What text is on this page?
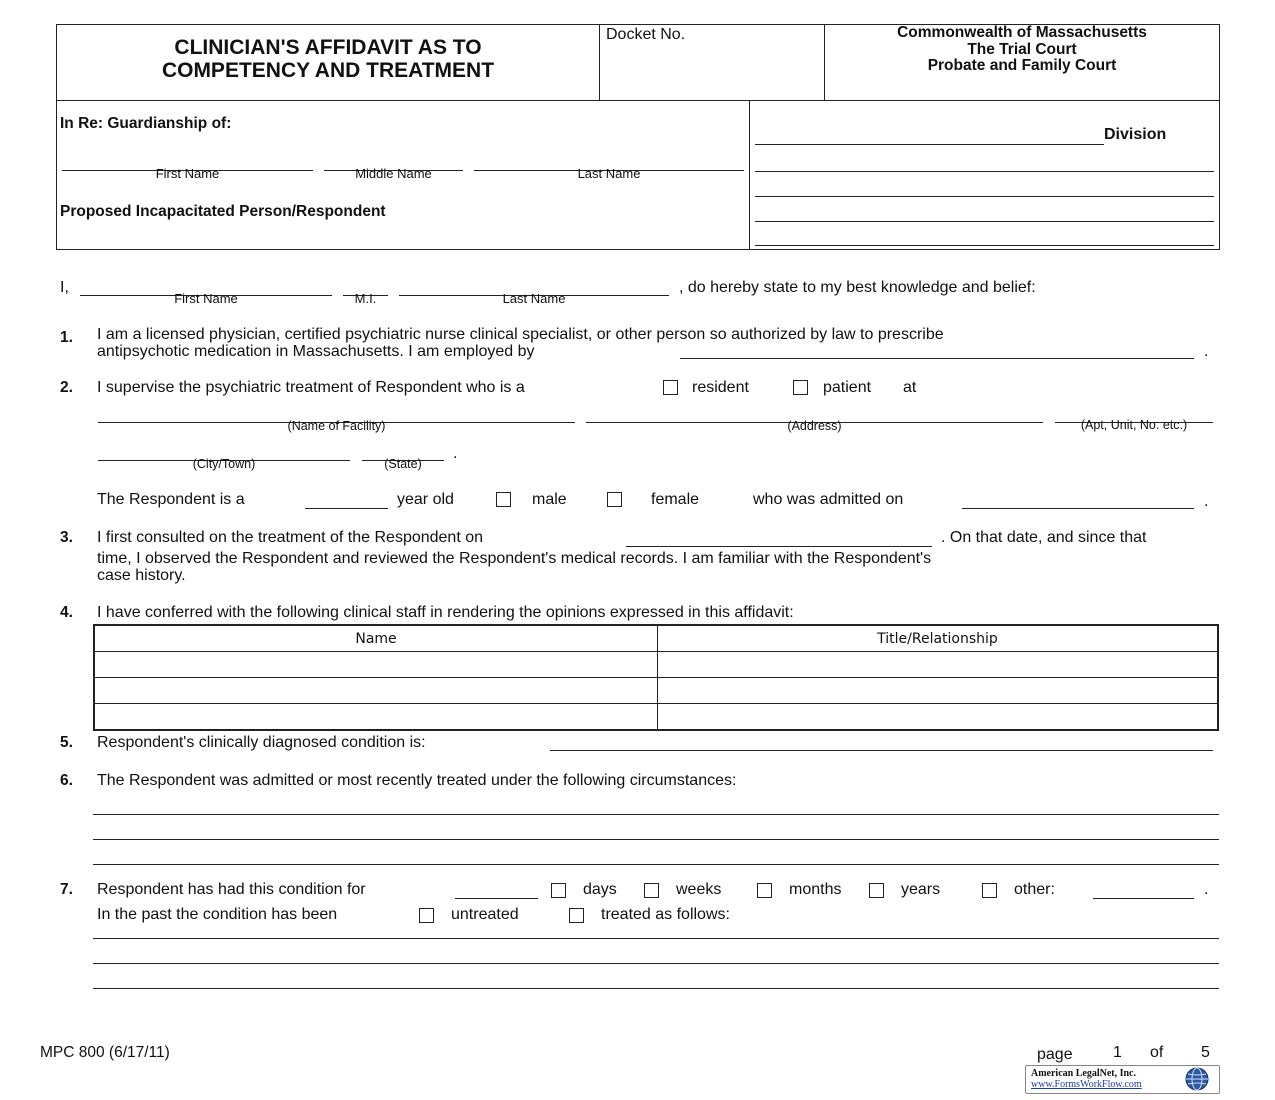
CLINICIAN'S AFFIDAVIT AS TO
COMPETENCY AND TREATMENT
Docket No.	Commonwealth of Massachusetts
The Trial Court
Probate and Family Court
In Re: Guardianship of:
First Name	Middle Name	Last Name
Proposed Incapacitated Person/Respondent
Division
I,
First Name	M.I.	Last Name
, do hereby state to my best knowledge and belief:
1. I am a licensed physician, certified psychiatric nurse clinical specialist, or other person so authorized by law to prescribe
antipsychotic medication in Massachusetts. I am employed by	.
2. I supervise the psychiatric treatment of Respondent who is a	resident	patient at
(Name of Facility)	(Address)	(Apt, Unit, No. etc.)
(City/Town)	(State)
.
The Respondent is a	year old	male	female	who was admitted on	.
3. I first consulted on the treatment of the Respondent on	. On that date, and since that
time, I observed the Respondent and reviewed the Respondent's medical records. I am familiar with the Respondent's
case history.
4. I have conferred with the following clinical staff in rendering the opinions expressed in this affidavit:
Name	Title/Relationship

5. Respondent's clinically diagnosed condition is:
6. The Respondent was admitted or most recently treated under the following circumstances:
7. Respondent has had this condition for	days	weeks	months	years	other:	.
In the past the condition has been	untreated	treated as follows:
MPC 800 (6/17/11)	page	1 of 5
American LegalNet, Inc.
www.FormsWorkFlow.com
